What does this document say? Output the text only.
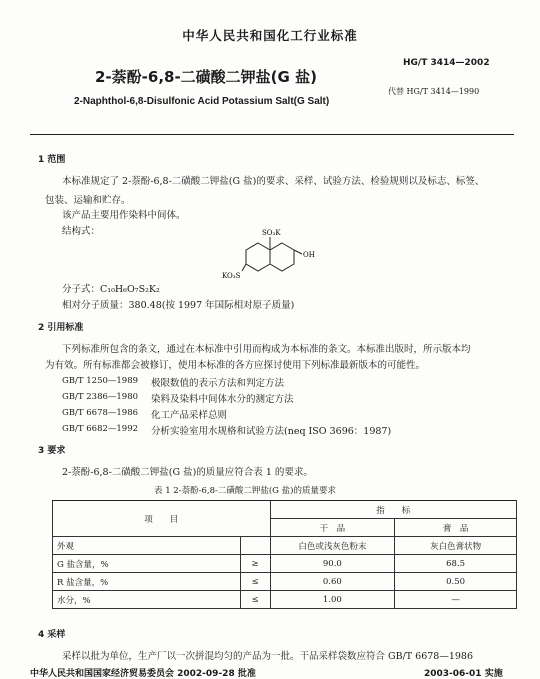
中华人民共和国化工行业标准
HG/T 3414—2002
2-萘酚-6,8-二磺酸二钾盐(G 盐)
代替 HG/T 3414—1990
2-Naphthol-6,8-Disulfonic Acid Potassium Salt(G Salt)
1 范围
本标准规定了 2-萘酚-6,8-二磺酸二钾盐(G 盐)的要求、采样、试验方法、检验规则以及标志、标签、
包装、运输和贮存。
该产品主要用作染料中间体。
结构式：	SO₃K
OH
KO₃S
分子式：C₁₀H₆O₇S₂K₂
相对分子质量：380.48(按 1997 年国际相对原子质量)
2 引用标准
下列标准所包含的条文，通过在本标准中引用而构成为本标准的条文。本标准出版时，所示版本均
为有效。所有标准都会被修订，使用本标准的各方应探讨使用下列标准最新版本的可能性。
GB/T 1250—1989 极限数值的表示方法和判定方法
GB/T 2386—1980 染料及染料中间体水分的测定方法
GB/T 6678—1986 化工产品采样总则
GB/T 6682—1992 分析实验室用水规格和试验方法(neq ISO 3696：1987)
3 要求
2-萘酚-6,8-二磺酸二钾盐(G 盐)的质量应符合表 1 的要求。
表 1 2-萘酚-6,8-二磺酸二钾盐(G 盐)的质量要求
项　　目		指　　标	
		干　品	膏　品
外观		白色或浅灰色粉末	灰白色膏状物
G 盐含量，%	≥	90.0	68.5
R 盐含量，%	≤	0.60	0.50
水分，%	≤	1.00	—
4 采样
采样以批为单位，生产厂以一次拼混均匀的产品为一批。干品采样袋数应符合 GB/T 6678—1986
中华人民共和国国家经济贸易委员会 2002-09-28 批准	2003-06-01 实施
